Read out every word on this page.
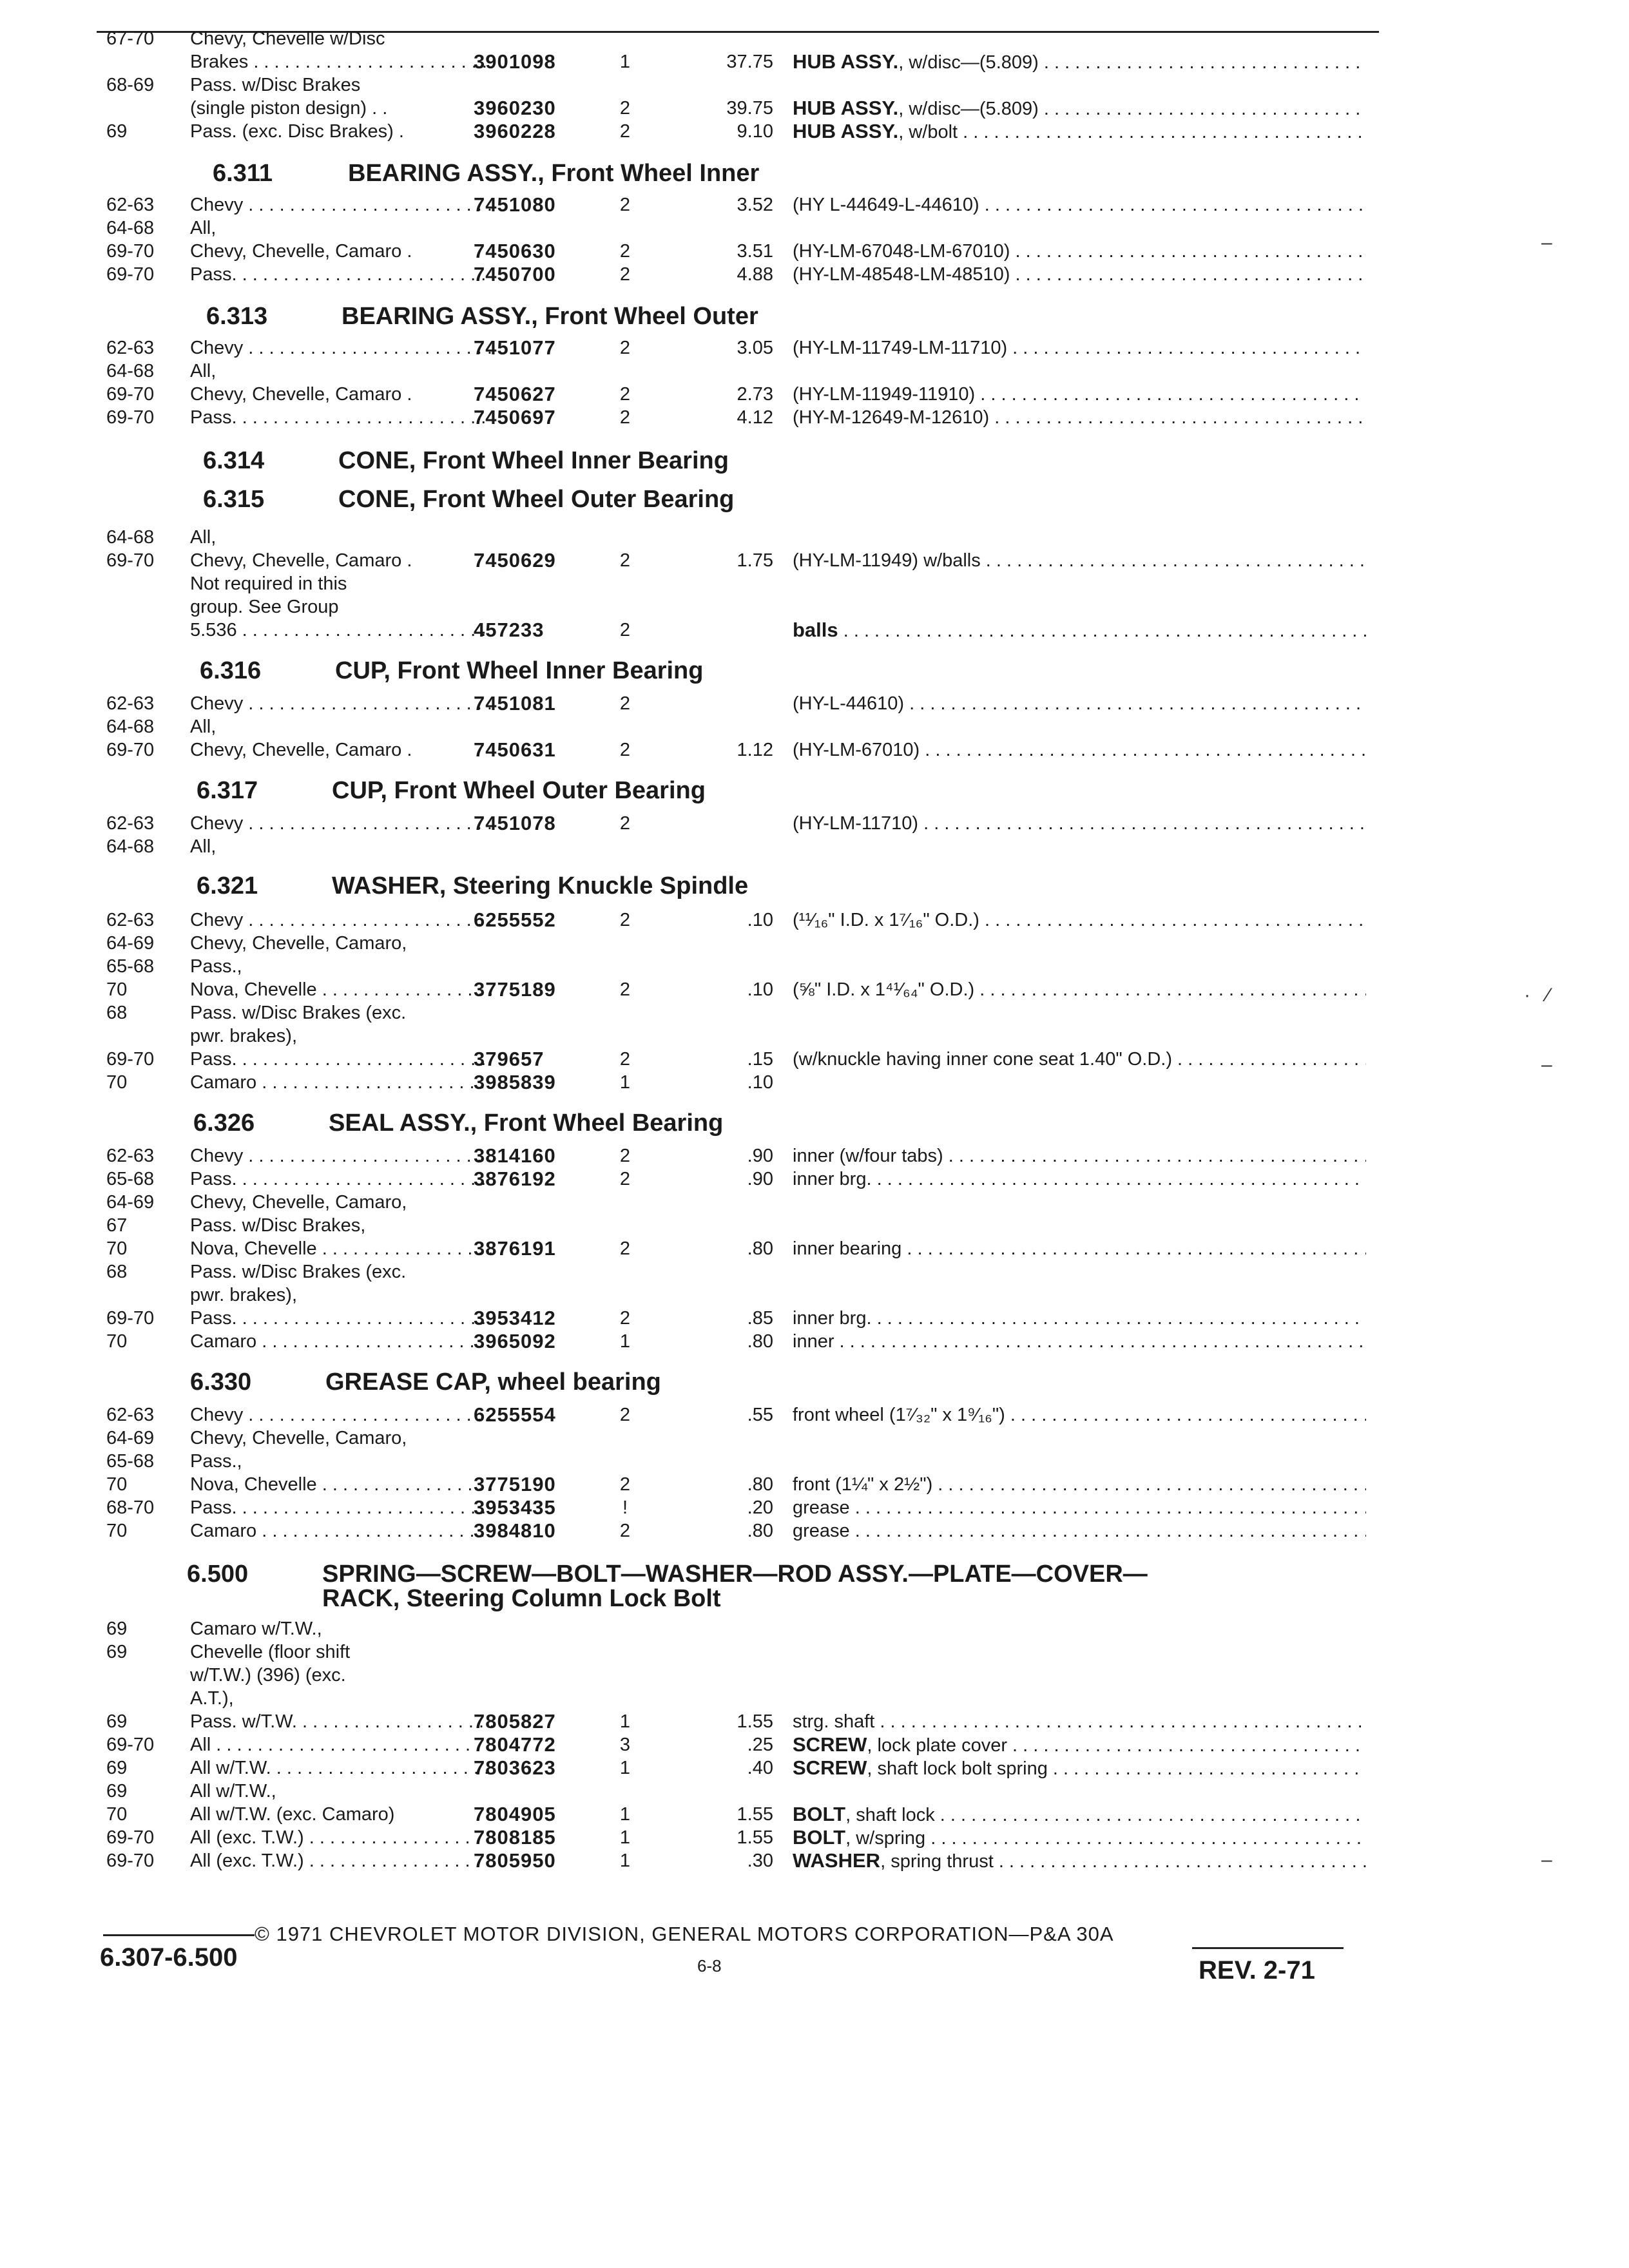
67-70	Chevy, Chevelle w/Disc
Brakes . . .	3901098	1	37.75 HUB ASSY., w/disc—(5.809) . . .
68-69	Pass. w/Disc Brakes
(single piston design) . .	3960230	2	39.75 HUB ASSY., w/disc—(5.809) . . .
69	Pass. (exc. Disc Brakes) .	3960228	2	9.10 HUB ASSY., w/bolt . . .
62-63	Chevy . . .	7451080	2	3.52 (HY L-44649-L-44610) . . .
64-68	All,
69-70	Chevy, Chevelle, Camaro .	7450630	2	3.51 (HY-LM-67048-LM-67010) . . .
69-70	Pass. . . .	7450700	2	4.88 (HY-LM-48548-LM-48510) . . .
62-63	Chevy . . .	7451077	2	3.05 (HY-LM-11749-LM-11710) . . .
64-68	All,
69-70	Chevy, Chevelle, Camaro .	7450627	2	2.73 (HY-LM-11949-11910) . . .
69-70	Pass. . . .	7450697	2	4.12 (HY-M-12649-M-12610) . . .
64-68	All,
69-70	Chevy, Chevelle, Camaro .	7450629	2	1.75 (HY-LM-11949) w/balls . . .
Not required in this
group. See Group
5.536 . . .	457233	2	balls . . .
62-63	Chevy . . .	7451081	2	(HY-L-44610) . . .
64-68	All,
69-70	Chevy, Chevelle, Camaro .	7450631	2	1.12 (HY-LM-67010) . . .
62-63	Chevy . . .	7451078	2	(HY-LM-11710) . . .
64-68	All,
62-63	Chevy . . .	6255552	2	.10 (¹¹⁄₁₆" I.D. x 1⁷⁄₁₆" O.D.) . . .
64-69	Chevy, Chevelle, Camaro,
65-68	Pass.,
70	Nova, Chevelle . . .	3775189	2	.10 (⅝" I.D. x 1⁴¹⁄₆₄" O.D.) . . .
68	Pass. w/Disc Brakes (exc.
pwr. brakes),
69-70	Pass. . . .	379657	2	.15 (w/knuckle having inner cone seat 1.40" O.D.) . . .
70	Camaro . . .	3985839	1	.10
62-63	Chevy . . .	3814160	2	.90 inner (w/four tabs) . . .
65-68	Pass. . . .	3876192	2	.90 inner brg. . . .
64-69	Chevy, Chevelle, Camaro,
67	Pass. w/Disc Brakes,
70	Nova, Chevelle . . .	3876191	2	.80 inner bearing . . .
68	Pass. w/Disc Brakes (exc.
pwr. brakes),
69-70	Pass. . . .	3953412	2	.85 inner brg. . . .
70	Camaro . . .	3965092	1	.80 inner . . .
62-63	Chevy . . .	6255554	2	.55 front wheel (1⁷⁄₃₂" x 1⁹⁄₁₆") . . .
64-69	Chevy, Chevelle, Camaro,
65-68	Pass.,
70	Nova, Chevelle . . .	3775190	2	.80 front (1¼" x 2½") . . .
68-70	Pass. . . .	3953435	!	.20 grease . . .
70	Camaro . . .	3984810	2	.80 grease . . .
69	Camaro w/T.W.,
69	Chevelle (floor shift
w/T.W.) (396) (exc.
A.T.),
69	Pass. w/T.W. . . .	7805827	1	1.55 strg. shaft . . .
69-70	All . . .	7804772	3	.25 SCREW, lock plate cover . . .
69	All w/T.W. . . .	7803623	1	.40 SCREW, shaft lock bolt spring . . .
69	All w/T.W.,
70	All w/T.W. (exc. Camaro)	7804905	1	1.55 BOLT, shaft lock . . .
69-70	All (exc. T.W.) . . .	7808185	1	1.55 BOLT, w/spring . . .
69-70	All (exc. T.W.) . . .	7805950	1	.30 WASHER, spring thrust . . .
6.311	BEARING ASSY., Front Wheel Inner
6.313	BEARING ASSY., Front Wheel Outer
6.314	CONE, Front Wheel Inner Bearing
6.315	CONE, Front Wheel Outer Bearing
6.316	CUP, Front Wheel Inner Bearing
6.317	CUP, Front Wheel Outer Bearing
6.321	WASHER, Steering Knuckle Spindle
6.326	SEAL ASSY., Front Wheel Bearing
6.330	GREASE CAP, wheel bearing
6.500	SPRING—SCREW—BOLT—WASHER—ROD ASSY.—PLATE—COVER—
RACK, Steering Column Lock Bolt
© 1971 CHEVROLET MOTOR DIVISION, GENERAL MOTORS CORPORATION—P&A 30A
6.307-6.500	6-8	REV. 2-71
·   ⁄
–
–
–
